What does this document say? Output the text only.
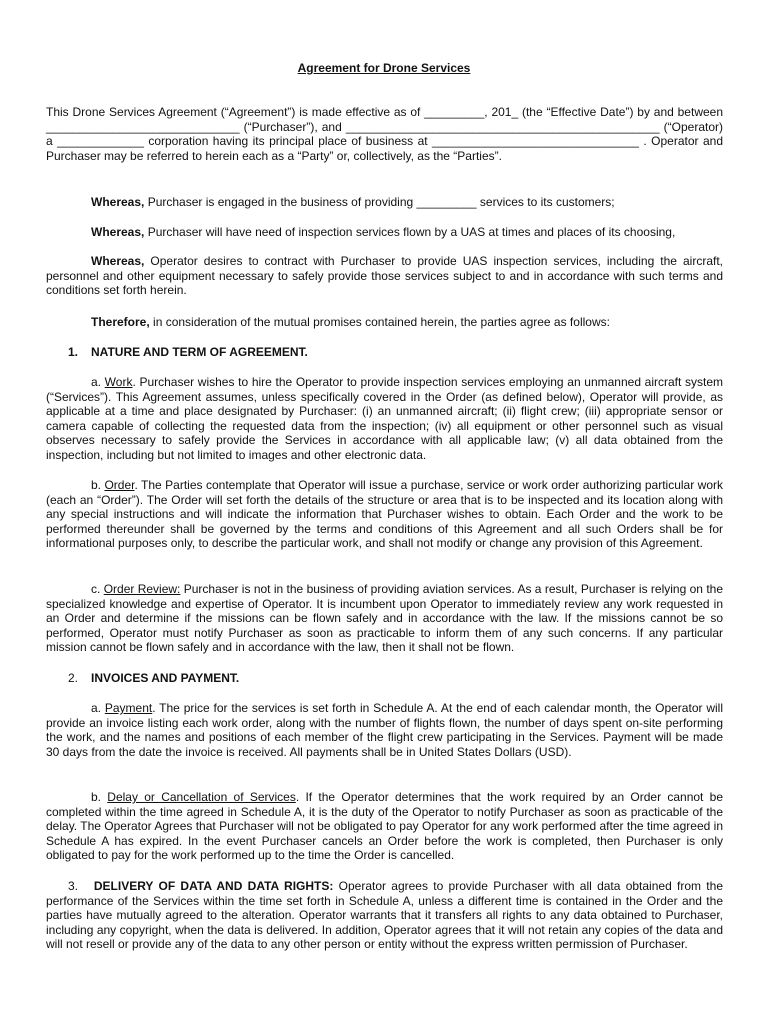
Agreement for Drone Services

This Drone Services Agreement (“Agreement”) is made effective as of _________, 201_ (the “Effective Date”) by and between _____________________________ (“Purchaser”), and _______________________________________________ (“Operator) a _____________ corporation having its principal place of business at _______________________________ . Operator and Purchaser may be referred to herein each as a “Party” or, collectively, as the “Parties”.

Whereas, Purchaser is engaged in the business of providing _________ services to its customers;

Whereas, Purchaser will have need of inspection services flown by a UAS at times and places of its choosing,

Whereas, Operator desires to contract with Purchaser to provide UAS inspection services, including the aircraft, personnel and other equipment necessary to safely provide those services subject to and in accordance with such terms and conditions set forth herein.

Therefore, in consideration of the mutual promises contained herein, the parties agree as follows:

1. NATURE AND TERM OF AGREEMENT.

a. Work. Purchaser wishes to hire the Operator to provide inspection services employing an unmanned aircraft system (“Services”). This Agreement assumes, unless specifically covered in the Order (as defined below), Operator will provide, as applicable at a time and place designated by Purchaser: (i) an unmanned aircraft; (ii) flight crew; (iii) appropriate sensor or camera capable of collecting the requested data from the inspection; (iv) all equipment or other personnel such as visual observes necessary to safely provide the Services in accordance with all applicable law; (v) all data obtained from the inspection, including but not limited to images and other electronic data.

b. Order. The Parties contemplate that Operator will issue a purchase, service or work order authorizing particular work (each an “Order”). The Order will set forth the details of the structure or area that is to be inspected and its location along with any special instructions and will indicate the information that Purchaser wishes to obtain. Each Order and the work to be performed thereunder shall be governed by the terms and conditions of this Agreement and all such Orders shall be for informational purposes only, to describe the particular work, and shall not modify or change any provision of this Agreement.

c. Order Review: Purchaser is not in the business of providing aviation services. As a result, Purchaser is relying on the specialized knowledge and expertise of Operator. It is incumbent upon Operator to immediately review any work requested in an Order and determine if the missions can be flown safely and in accordance with the law. If the missions cannot be so performed, Operator must notify Purchaser as soon as practicable to inform them of any such concerns. If any particular mission cannot be flown safely and in accordance with the law, then it shall not be flown.

2. INVOICES AND PAYMENT.

a. Payment. The price for the services is set forth in Schedule A. At the end of each calendar month, the Operator will provide an invoice listing each work order, along with the number of flights flown, the number of days spent on-site performing the work, and the names and positions of each member of the flight crew participating in the Services. Payment will be made 30 days from the date the invoice is received. All payments shall be in United States Dollars (USD).

b. Delay or Cancellation of Services. If the Operator determines that the work required by an Order cannot be completed within the time agreed in Schedule A, it is the duty of the Operator to notify Purchaser as soon as practicable of the delay. The Operator Agrees that Purchaser will not be obligated to pay Operator for any work performed after the time agreed in Schedule A has expired. In the event Purchaser cancels an Order before the work is completed, then Purchaser is only obligated to pay for the work performed up to the time the Order is cancelled.

3. DELIVERY OF DATA AND DATA RIGHTS: Operator agrees to provide Purchaser with all data obtained from the performance of the Services within the time set forth in Schedule A, unless a different time is contained in the Order and the parties have mutually agreed to the alteration. Operator warrants that it transfers all rights to any data obtained to Purchaser, including any copyright, when the data is delivered. In addition, Operator agrees that it will not retain any copies of the data and will not resell or provide any of the data to any other person or entity without the express written permission of Purchaser.
